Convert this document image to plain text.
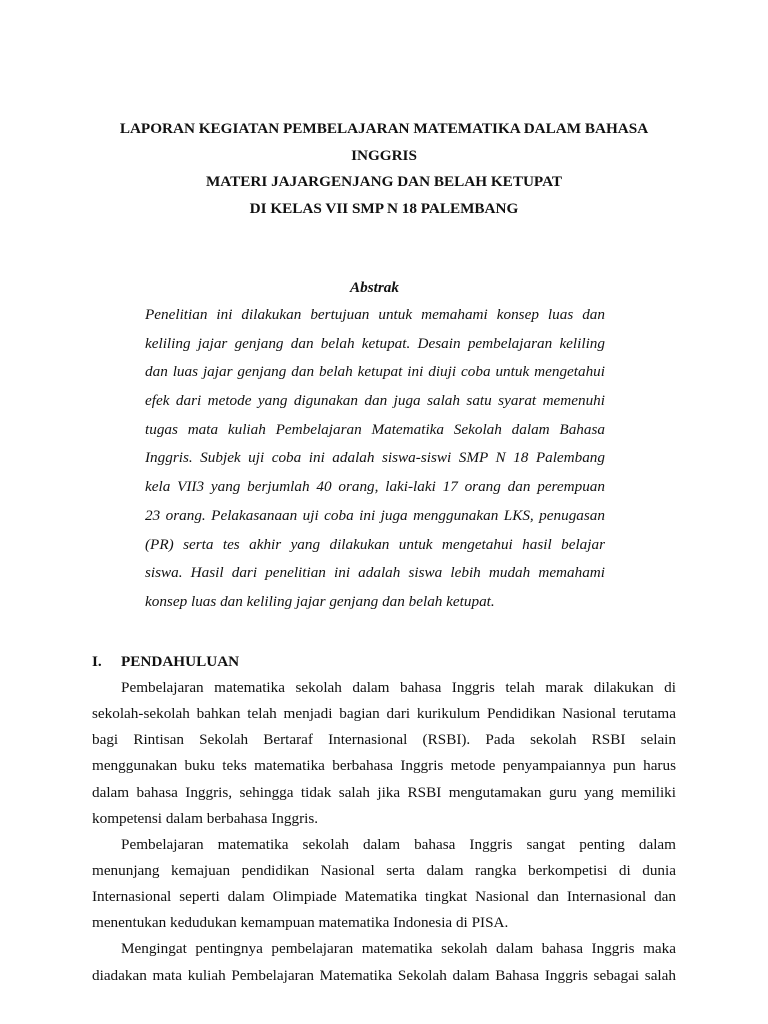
LAPORAN KEGIATAN PEMBELAJARAN MATEMATIKA DALAM BAHASA
INGGRIS
MATERI JAJARGENJANG DAN BELAH KETUPAT
DI KELAS VII SMP N 18 PALEMBANG
Abstrak
Penelitian ini dilakukan bertujuan untuk memahami konsep luas dan
keliling jajar genjang dan belah ketupat. Desain pembelajaran keliling
dan luas jajar genjang dan belah ketupat ini diuji coba untuk mengetahui
efek dari metode yang digunakan dan juga salah satu syarat memenuhi
tugas mata kuliah Pembelajaran Matematika Sekolah dalam Bahasa
Inggris. Subjek uji coba ini adalah siswa-siswi SMP N 18 Palembang
kela VII3 yang berjumlah 40 orang, laki-laki 17 orang dan perempuan
23 orang. Pelakasanaan uji coba ini juga menggunakan LKS, penugasan
(PR) serta tes akhir yang dilakukan untuk mengetahui hasil belajar
siswa. Hasil dari penelitian ini adalah siswa lebih mudah memahami
konsep luas dan keliling jajar genjang dan belah ketupat.
I. PENDAHULUAN
Pembelajaran matematika sekolah dalam bahasa Inggris telah marak dilakukan di
sekolah-sekolah bahkan telah menjadi bagian dari kurikulum Pendidikan Nasional terutama
bagi Rintisan Sekolah Bertaraf Internasional (RSBI). Pada sekolah RSBI selain
menggunakan buku teks matematika berbahasa Inggris metode penyampaiannya pun harus
dalam bahasa Inggris, sehingga tidak salah jika RSBI mengutamakan guru yang memiliki
kompetensi dalam berbahasa Inggris.
Pembelajaran matematika sekolah dalam bahasa Inggris sangat penting dalam
menunjang kemajuan pendidikan Nasional serta dalam rangka berkompetisi di dunia
Internasional seperti dalam Olimpiade Matematika tingkat Nasional dan Internasional dan
menentukan kedudukan kemampuan matematika Indonesia di PISA.
Mengingat pentingnya pembelajaran matematika sekolah dalam bahasa Inggris maka
diadakan mata kuliah Pembelajaran Matematika Sekolah dalam Bahasa Inggris sebagai salah
